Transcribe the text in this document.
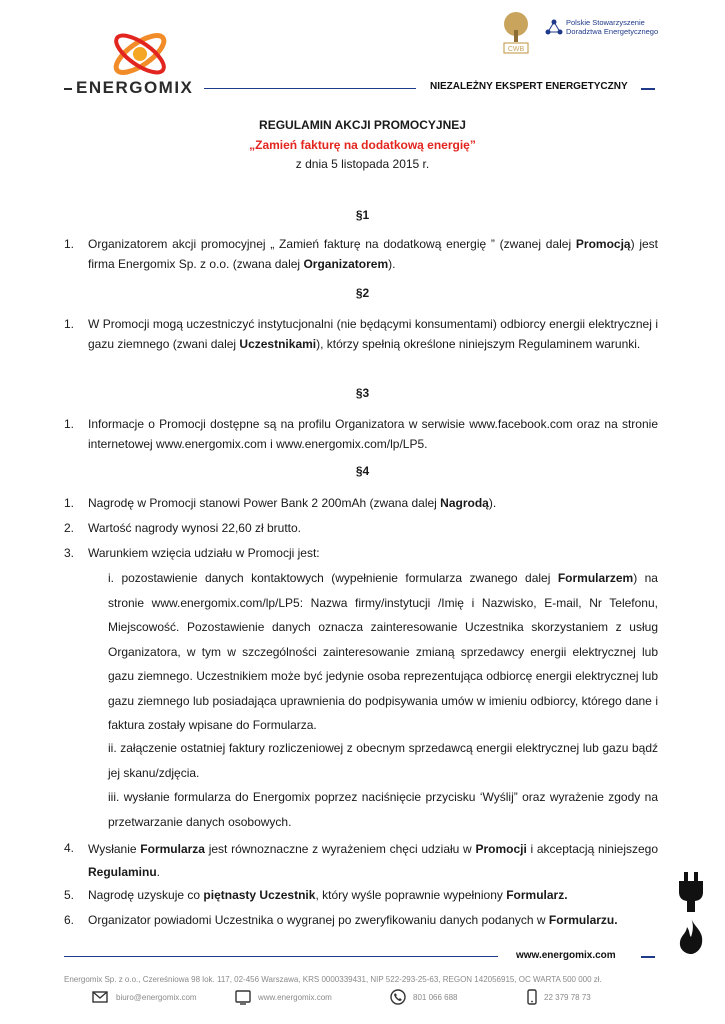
ENERGOMIX	NIEZALEŻNY EKSPERT ENERGETYCZNY
CWB
Polskie Stowarzyszenie
Doradztwa Energetycznego
REGULAMIN AKCJI PROMOCYJNEJ
„Zamień fakturę na dodatkową energię”
z dnia 5 listopada 2015 r.
§1
1. Organizatorem akcji promocyjnej „ Zamień fakturę na dodatkową energię ” (zwanej dalej Promocją) jest firma Energomix Sp. z o.o. (zwana dalej Organizatorem).
§2
1. W Promocji mogą uczestniczyć instytucjonalni (nie będącymi konsumentami) odbiorcy energii elektrycznej i gazu ziemnego (zwani dalej Uczestnikami), którzy spełnią określone niniejszym Regulaminem warunki.
§3
1. Informacje o Promocji dostępne są na profilu Organizatora w serwisie www.facebook.com oraz na stronie internetowej www.energomix.com i www.energomix.com/lp/LP5.
§4
1. Nagrodę w Promocji stanowi Power Bank 2 200mAh (zwana dalej Nagrodą).
2. Wartość nagrody wynosi 22,60 zł brutto.
3. Warunkiem wzięcia udziału w Promocji jest:
i. pozostawienie danych kontaktowych (wypełnienie formularza zwanego dalej Formularzem) na stronie www.energomix.com/lp/LP5: Nazwa firmy/instytucji /Imię i Nazwisko, E-mail, Nr Telefonu, Miejscowość. Pozostawienie danych oznacza zainteresowanie Uczestnika skorzystaniem z usług Organizatora, w tym w szczególności zainteresowanie zmianą sprzedawcy energii elektrycznej lub gazu ziemnego. Uczestnikiem może być jedynie osoba reprezentująca odbiorcę energii elektrycznej lub gazu ziemnego lub posiadająca uprawnienia do podpisywania umów w imieniu odbiorcy, którego dane i faktura zostały wpisane do Formularza.
ii. załączenie ostatniej faktury rozliczeniowej z obecnym sprzedawcą energii elektrycznej lub gazu bądź jej skanu/zdjęcia.
iii. wysłanie formularza do Energomix poprzez naciśnięcie przycisku ‘Wyślij” oraz wyrażenie zgody na przetwarzanie danych osobowych.
4. Wysłanie Formularza jest równoznaczne z wyrażeniem chęci udziału w Promocji i akceptacją niniejszego Regulaminu.
5. Nagrodę uzyskuje co piętnasty Uczestnik, który wyśle poprawnie wypełniony Formularz.
6. Organizator powiadomi Uczestnika o wygranej po zweryfikowaniu danych podanych w Formularzu.
www.energomix.com
Energomix Sp. z o.o., Czereśniowa 98 lok. 117, 02-456 Warszawa, KRS 0000339431, NIP 522-293-25-63, REGON 142056915, OC WARTA 500 000 zł.
biuro@energomix.com	www.energomix.com	801 066 688	22 379 78 73
